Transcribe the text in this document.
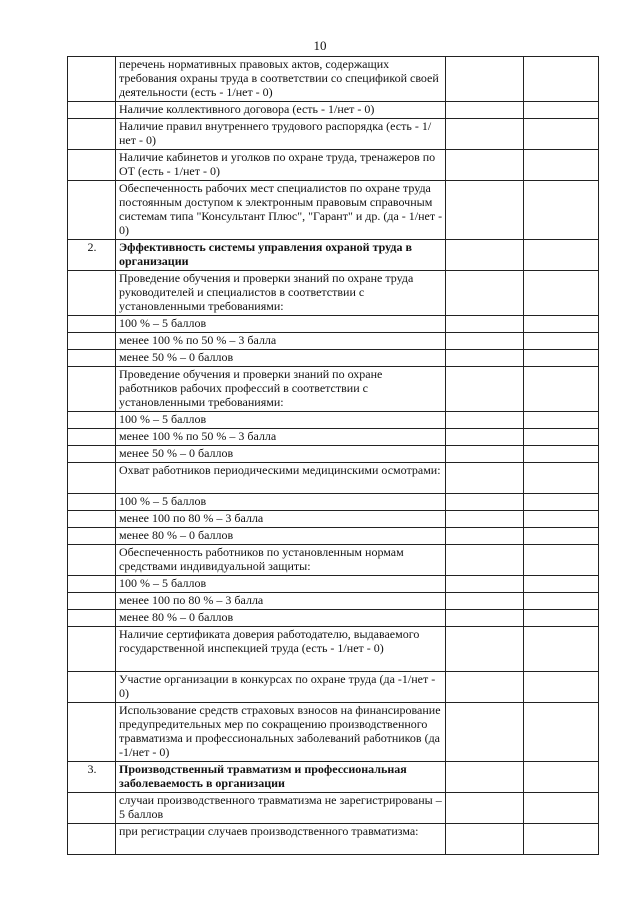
10
	перечень нормативных правовых актов, содержащих требования охраны труда в соответствии со спецификой своей деятельности (есть - 1/нет - 0)		
	Наличие коллективного договора (есть - 1/нет - 0)		
	Наличие правил внутреннего трудового распорядка (есть - 1/нет - 0)		
	Наличие кабинетов и уголков по охране труда, тренажеров по ОТ (есть - 1/нет - 0)		
	Обеспеченность рабочих мест специалистов по охране труда постоянным доступом к электронным правовым справочным системам типа "Консультант Плюс", "Гарант" и др. (да - 1/нет - 0)		
2.	Эффективность системы управления охраной труда в организации		
	Проведение обучения и проверки знаний по охране труда руководителей и специалистов в соответствии с установленными требованиями:		
	100 % – 5 баллов		
	менее 100 % по 50 % – 3 балла		
	менее 50 % – 0 баллов		
	Проведение обучения и проверки знаний по охране работников рабочих профессий в соответствии с установленными требованиями:		
	100 % – 5 баллов		
	менее 100 % по 50 % – 3 балла		
	менее 50 % – 0 баллов		
	Охват работников периодическими медицинскими осмотрами:		
	100 % – 5 баллов		
	менее 100 по 80 % – 3 балла		
	менее 80 % – 0 баллов		
	Обеспеченность работников по установленным нормам средствами индивидуальной защиты:		
	100 % – 5 баллов		
	менее 100 по 80 % – 3 балла		
	менее 80 % – 0 баллов		
	Наличие сертификата доверия работодателю, выдаваемого государственной инспекцией труда (есть - 1/нет - 0)		
	Участие организации в конкурсах по охране труда (да -1/нет - 0)		
	Использование средств страховых взносов на финансирование предупредительных мер по сокращению производственного травматизма и профессиональных заболеваний работников (да -1/нет - 0)		
3.	Производственный травматизм и профессиональная заболеваемость в организации		
	случаи производственного травматизма не зарегистрированы – 5 баллов		
	при регистрации случаев производственного травматизма:		
